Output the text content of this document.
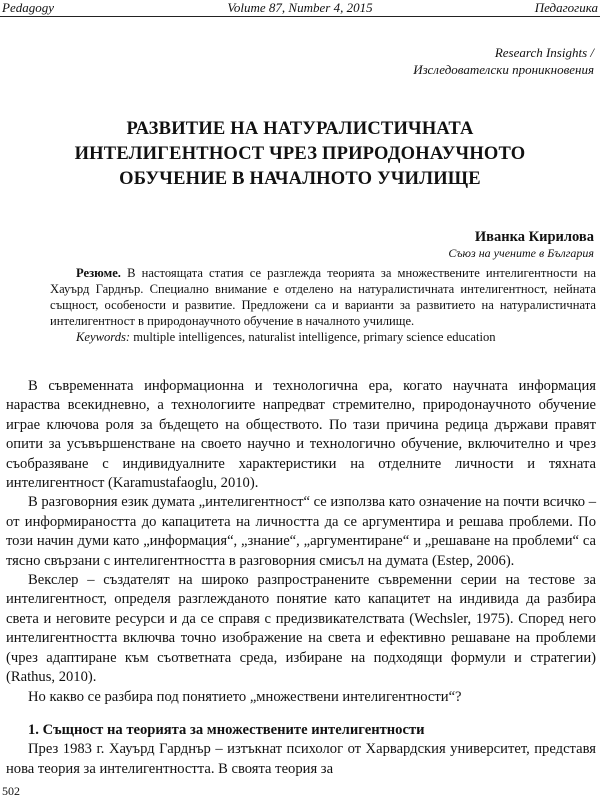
Pedagogy	Volume 87, Number 4, 2015	Педагогика
Research Insights /
Изследователски проникновения
РАЗВИТИЕ НА НАТУРАЛИСТИЧНАТА ИНТЕЛИГЕНТНОСТ ЧРЕЗ ПРИРОДОНАУЧНОТО ОБУЧЕНИЕ В НАЧАЛНОТО УЧИЛИЩЕ
Иванка Кирилова
Съюз на учените в България

Резюме. В настоящата статия се разглежда теорията за множествените интелигентности на Хауърд Гарднър. Специално внимание е отделено на натуралистичната интелигентност, нейната същност, особености и развитие. Предложени са и варианти за развитието на натуралистичната интелигентност в природонаучното обучение в началното училище.

Keywords: multiple intelligences, naturalist intelligence, primary science education

В съвременната информационна и технологична ера, когато научната информация нараства всекидневно, а технологиите напредват стремително, природонаучното обучение играе ключова роля за бъдещето на обществото. По тази причина редица държави правят опити за усъвършенстване на своето научно и технологично обучение, включително и чрез съобразяване с индивидуалните характеристики на отделните личности и тяхната интелигентност (Karamustafaoglu, 2010).

В разговорния език думата „интелигентност“ се използва като означение на почти всичко – от информираността до капацитета на личността да се аргументира и решава проблеми. По този начин думи като „информация“, „знание“, „аргументиране“ и „решаване на проблеми“ са тясно свързани с интелигентността в разговорния смисъл на думата (Estep, 2006).

Векслер – създателят на широко разпространените съвременни серии на тестове за интелигентност, определя разглежданото понятие като капацитет на индивида да разбира света и неговите ресурси и да се справя с предизвикателствата (Wechsler, 1975). Според него интелигентността включва точно изображение на света и ефективно решаване на проблеми (чрез адаптиране към съответната среда, избиране на подходящи формули и стратегии) (Rathus, 2010).

Но какво се разбира под понятието „множествени интелигентности“?

1. Същност на теорията за множествените интелигентности

През 1983 г. Хауърд Гарднър – изтъкнат психолог от Харвардския университет, представя нова теория за интелигентността. В своята теория за

502
